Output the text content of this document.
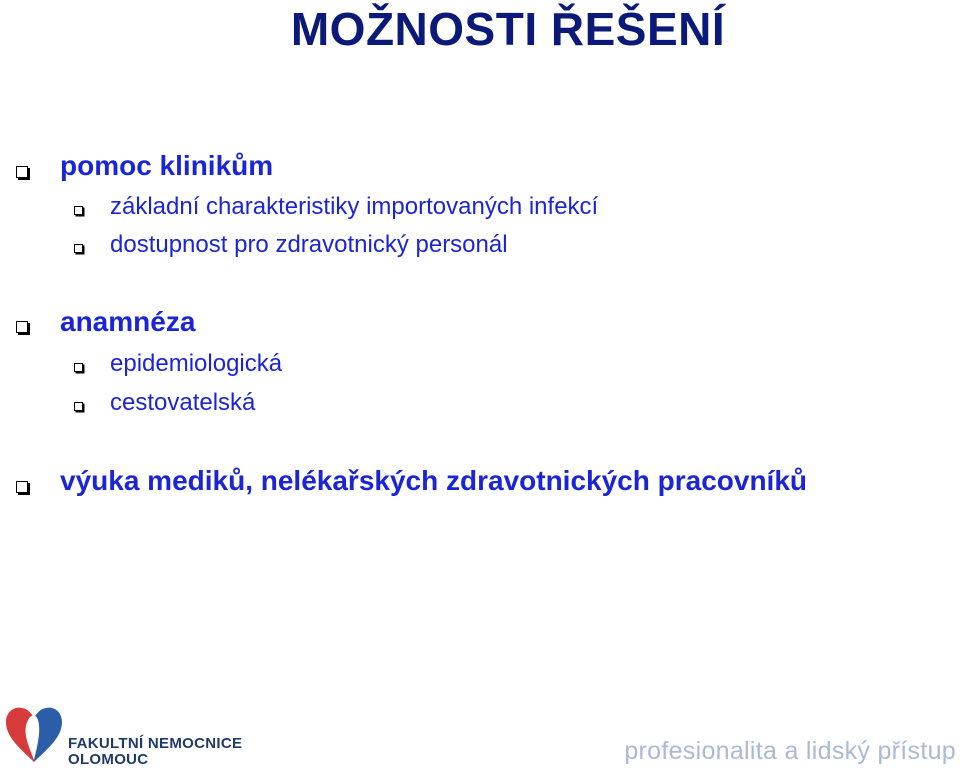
MOŽNOSTI ŘEŠENÍ
pomoc klinikům
základní charakteristiky importovaných infekcí
dostupnost pro zdravotnický personál
anamnéza
epidemiologická
cestovatelská
výuka mediků, nelékařských zdravotnických pracovníků
FAKULTNÍ NEMOCNICE
OLOMOUC	profesionalita a lidský přístup
